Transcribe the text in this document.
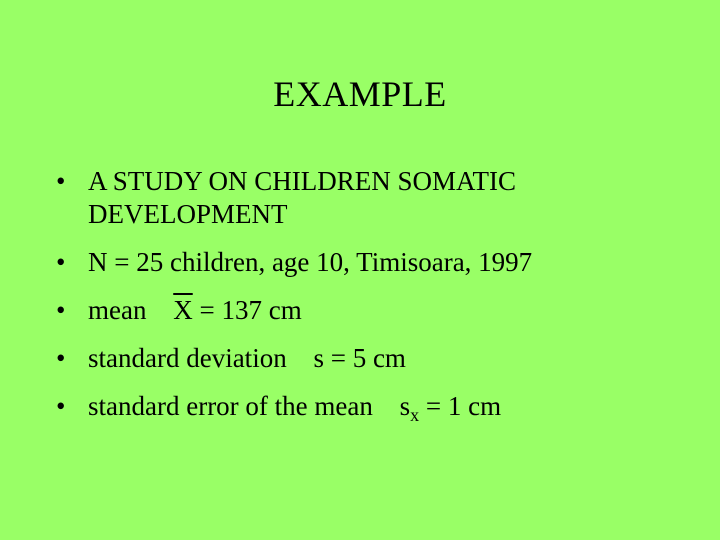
EXAMPLE
• A STUDY ON CHILDREN SOMATIC DEVELOPMENT
• N = 25 children, age 10, Timisoara, 1997
• mean $\overline{X} = 137$ cm
• standard deviation s = 5 cm
• standard error of the mean $s_x = 1$ cm
